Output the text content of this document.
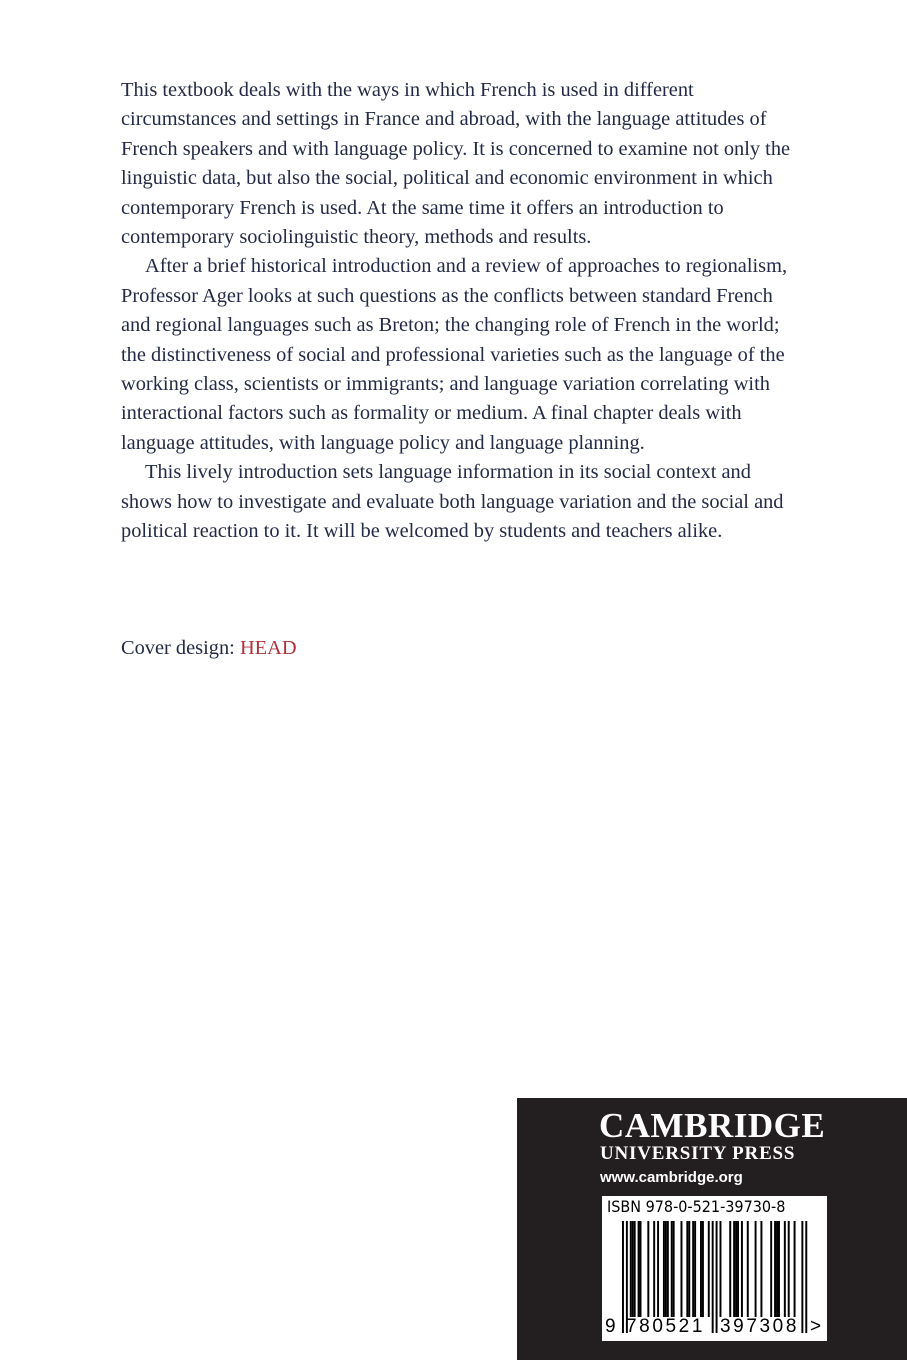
This textbook deals with the ways in which French is used in different circumstances and settings in France and abroad, with the language attitudes of French speakers and with language policy. It is concerned to examine not only the linguistic data, but also the social, political and economic environment in which contemporary French is used. At the same time it offers an introduction to contemporary sociolinguistic theory, methods and results.

After a brief historical introduction and a review of approaches to regionalism, Professor Ager looks at such questions as the conflicts between standard French and regional languages such as Breton; the changing role of French in the world; the distinctiveness of social and professional varieties such as the language of the working class, scientists or immigrants; and language variation correlating with interactional factors such as formality or medium. A final chapter deals with language attitudes, with language policy and language planning.

This lively introduction sets language information in its social context and shows how to investigate and evaluate both language variation and the social and political reaction to it. It will be welcomed by students and teachers alike.

Cover design: HEAD
CAMBRIDGE
UNIVERSITY PRESS
www.cambridge.org
ISBN 978-0-521-39730-8
9 780521 397308 >
